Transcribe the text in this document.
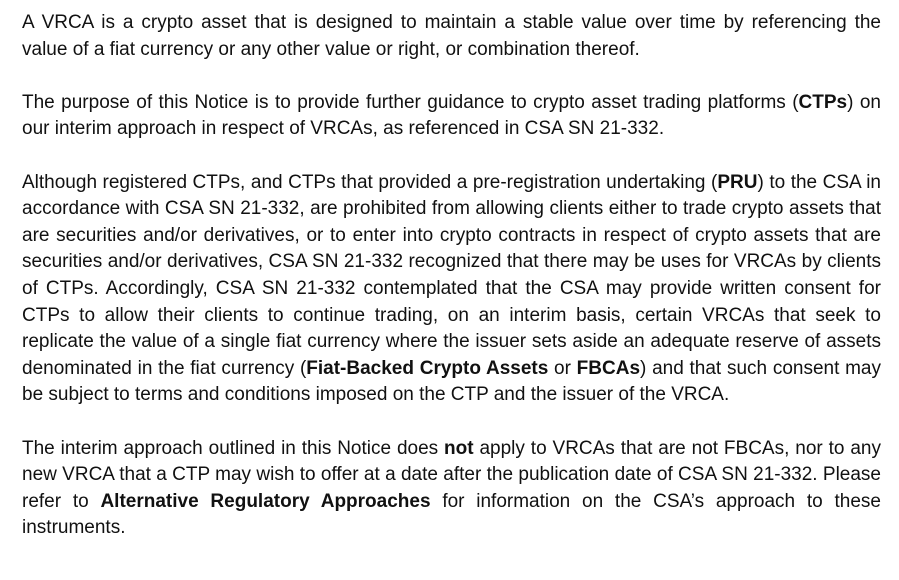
A VRCA is a crypto asset that is designed to maintain a stable value over time by referencing the value of a fiat currency or any other value or right, or combination thereof.

The purpose of this Notice is to provide further guidance to crypto asset trading platforms (CTPs) on our interim approach in respect of VRCAs, as referenced in CSA SN 21-332.

Although registered CTPs, and CTPs that provided a pre-registration undertaking (PRU) to the CSA in accordance with CSA SN 21-332, are prohibited from allowing clients either to trade crypto assets that are securities and/or derivatives, or to enter into crypto contracts in respect of crypto assets that are securities and/or derivatives, CSA SN 21-332 recognized that there may be uses for VRCAs by clients of CTPs. Accordingly, CSA SN 21-332 contemplated that the CSA may provide written consent for CTPs to allow their clients to continue trading, on an interim basis, certain VRCAs that seek to replicate the value of a single fiat currency where the issuer sets aside an adequate reserve of assets denominated in the fiat currency (Fiat-Backed Crypto Assets or FBCAs) and that such consent may be subject to terms and conditions imposed on the CTP and the issuer of the VRCA.

The interim approach outlined in this Notice does not apply to VRCAs that are not FBCAs, nor to any new VRCA that a CTP may wish to offer at a date after the publication date of CSA SN 21-332. Please refer to Alternative Regulatory Approaches for information on the CSA’s approach to these instruments.
